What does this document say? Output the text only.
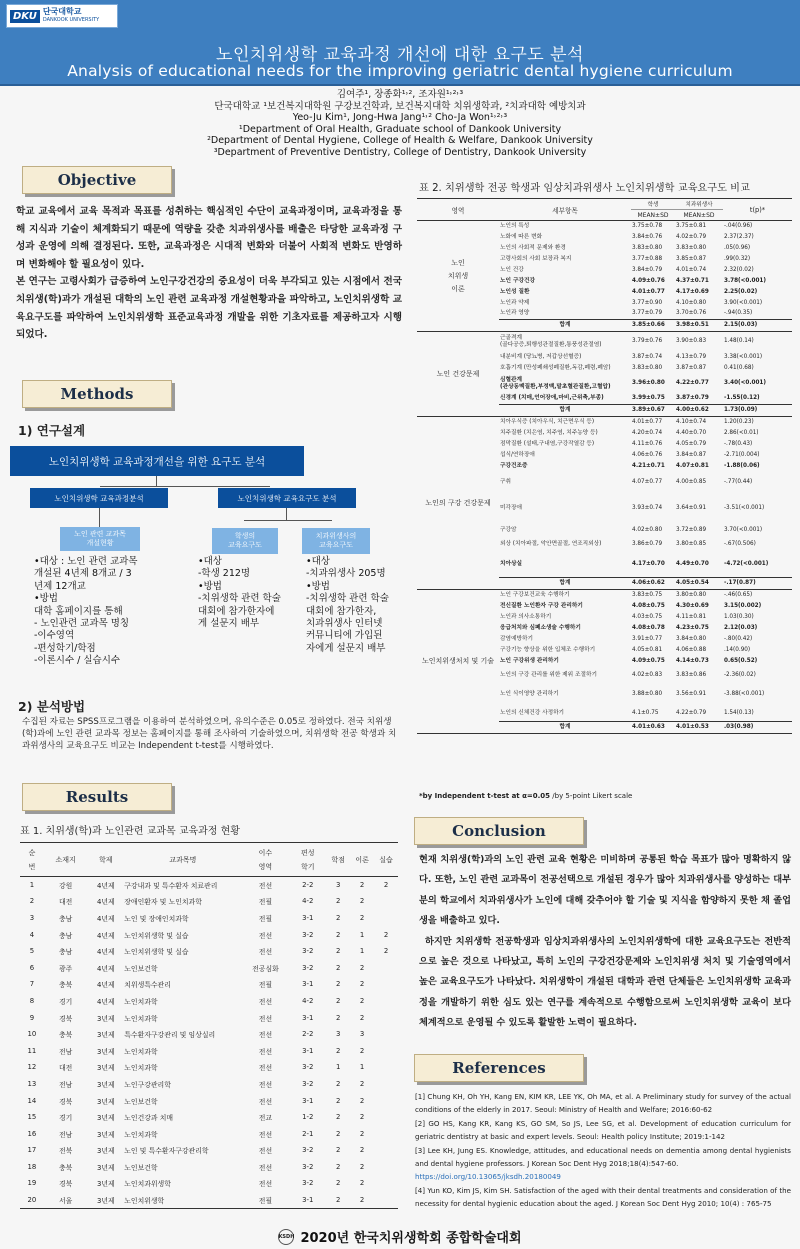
DKU 단국대학교
DANKOOK UNIVERSITY
노인치위생학 교육과정 개선에 대한 요구도 분석
Analysis of educational needs for the improving geriatric dental hygiene curriculum
김여주¹, 장종화¹˒², 조자원¹˒²˒³
단국대학교 ¹보건복지대학원 구강보건학과, 보건복지대학 치위생학과, ²치과대학 예방치과
Yeo-Ju Kim¹, Jong-Hwa Jang¹˒² Cho-Ja Won¹˒²˒³
¹Department of Oral Health, Graduate school of Dankook University
²Department of Dental Hygiene, College of Health & Welfare, Dankook University
³Department of Preventive Dentistry, College of Dentistry, Dankook University
Objective

학교 교육에서 교육 목적과 목표를 성취하는 핵심적인 수단이 교육과정이며, 교육과정을 통해 지식과 기술이 체계화되기 때문에 역량을 갖춘 치과위생사를 배출은 타당한 교육과정 구성과 운영에 의해 결정된다. 또한, 교육과정은 시대적 변화와 더불어 사회적 변화도 반영하며 변화해야 할 필요성이 있다.

본 연구는 고령사회가 급증하여 노인구강건강의 중요성이 더욱 부각되고 있는 시점에서 전국 치위생(학)과가 개설된 대학의 노인 관련 교육과정 개설현황과을 파악하고, 노인치위생학 교육요구도를 파악하여 노인치위생학 표준교육과정 개발을 위한 기초자료를 제공하고자 시행되었다.

Methods
1) 연구설계
노인치위생학 교육과정개선을 위한 요구도 분석
노인치위생학 교육과정분석	노인치위생학 교육요구도 분석
노인 관련 교과목
개설현황
학생의
교육요구도
치과위생사의
교육요구도
•대상 : 노인 관련 교과목
개설된 4년제 8개교 / 3
년제 12개교
•방법
대학 홈페이지를 통해
- 노인관련 교과목 명칭
-이수영역
-편성학기/학점
-이론시수 / 실습시수
•대상
-학생 212명
•방법
-치위생학 관련 학술
대회에 참가한자에
게 설문지 배부
•대상
-치과위생사 205명
•방법
-치위생학 관련 학술
대회에 참가한자,
치과위생사 인터넷
커뮤니티에 가입된
자에게 설문지 배부
2) 분석방법
수집된 자료는 SPSS프로그램을 이용하여 분석하였으며, 유의수준은 0.05로 정하였다. 전국 치위생(학)과에 노인 관련 교과목 정보는 홈페이지를 통해 조사하여 기술하였으며, 치위생학 전공 학생과 치과위생사의 교육요구도 비교는 Independent t-test를 시행하였다.
Results
표 1. 치위생(학)과 노인관련 교과목 교육과정 현황
순
번	소재지	학제	교과목명	이수
영역	편성
학기	학점	이론	실습
1	강원	4년제	구강내과 및 특수환자 치료관리	전선	2-2	3	2	2
2	대전	4년제	장애인환자 및 노인치과학	전필	4-2	2	2	
3	충남	4년제	노인 및 장애인치과학	전필	3-1	2	2	
4	충남	4년제	노인치위생학 및 실습	전선	3-2	2	1	2
5	충남	4년제	노인치위생학 및 실습	전선	3-2	2	1	2
6	광주	4년제	노인보건학	전공심화	3-2	2	2	
7	충북	4년제	치위생특수관리	전필	3-1	2	2	
8	경기	4년제	노인치과학	전선	4-2	2	2	
9	경북	3년제	노인치과학	전선	3-1	2	2	
10	충북	3년제	특수환자구강관리 및 임상실리	전선	2-2	3	3	
11	전남	3년제	노인치과학	전선	3-1	2	2	
12	대전	3년제	노인치과학	전선	3-2	1	1	
13	전남	3년제	노인구강관리학	전선	3-2	2	2	
14	경북	3년제	노인보건학	전선	3-1	2	2	
15	경기	3년제	노인건강과 치매	전교	1-2	2	2	
16	전남	3년제	노인치과학	전선	2-1	2	2	
17	전북	3년제	노인 및 특수환자구강관리학	전선	3-2	2	2	
18	충북	3년제	노인보건학	전선	3-2	2	2	
19	경북	3년제	노인치과위생학	전선	3-2	2	2	
20	서울	3년제	노인치위생학	전필	3-1	2	2	
표 2. 치위생학 전공 학생과 임상치과위생사 노인치위생학 교육요구도 비교
영역	세부항목	학생	치과위생사	t(p)*
		MEAN±SD	MEAN±SD	
노인
치위생
이론	노인의 특성	3.75±0.78	3.75±0.81	-.04(0.96)
	노화에 따른 변화	3.84±0.76	4.02±0.79	2.37(2.37)
	노인의 사회적 문제와 환경	3.83±0.80	3.83±0.80	.05(0.96)
	고령사회의 사회 보장과 복지	3.77±0.88	3.85±0.87	.99(0.32)
	노인 건강	3.84±0.79	4.01±0.74	2.32(0.02)
	노인 구강건강	4.09±0.76	4.37±0.71	3.78(<0.001)
	노인성 질환	4.01±0.77	4.17±0.69	2.25(0.02)
	노인과 약제	3.77±0.90	4.10±0.80	3.90(<0.001)
	노인과 영양	3.77±0.79	3.70±0.76	-.94(0.35)
	합계	3.85±0.66	3.98±0.51	2.15(0.03)
노인 건강문제	근골격계
(골다공증,퇴행성관절질환,통풍성관절염)	3.79±0.76	3.90±0.83	1.48(0.14)
	내분비계 (당뇨병, 저갑상선혈증)	3.87±0.74	4.13±0.79	3.38(<0.001)
	호흡기계 (만성폐쇄성폐질환,독감,폐렴,폐암)	3.83±0.80	3.87±0.87	0.41(0.68)
	심혈관계
(관상동맥질환,부정맥,말초혈관질환,고혈압)	3.96±0.80	4.22±0.77	3.40(<0.001)
	신경계 (치매,언어장애,마비,근위축,부종)	3.99±0.75	3.87±0.79	-1.55(0.12)
	합계	3.89±0.67	4.00±0.62	1.73(0.09)
노인의 구강 건강문제	치아우식증 (치아우식, 치근면우식 등)	4.01±0.77	4.10±0.74	1.20(0.23)
	치주질환 (치은염, 치주염, 치주농양 등)	4.20±0.74	4.40±0.70	2.86(<0.01)
	점막질환 (설태,구내염,구강작열감 등)	4.11±0.76	4.05±0.79	-.78(0.43)
	섭식/연하장애	4.06±0.76	3.84±0.87	-2.71(0.004)
	구강건조증	4.21±0.71	4.07±0.81	-1.88(0.06)
	구취	4.07±0.77	4.00±0.85	-.77(0.44)
	미각장애	3.93±0.74	3.64±0.91	-3.51(<0.001)
	구강암	4.02±0.80	3.72±0.89	3.70(<0.001)
	외상 (치아파절, 악안면골절, 연조직외상)	3.86±0.79	3.80±0.85	-.67(0.506)
	치아상실	4.17±0.70	4.49±0.70	-4.72(<0.001)
	합계	4.06±0.62	4.05±0.54	-.17(0.87)
노인치위생처치 및 기술	노인 구강보건교육 수행하기	3.83±0.75	3.80±0.80	-.46(0.65)
	전신질환 노인환자 구강 관리하기	4.08±0.75	4.30±0.69	3.15(0.002)
	노인과 의사소통하기	4.03±0.75	4.11±0.81	1.03(0.30)
	응급처치와 심폐소생술 수행하기	4.08±0.78	4.23±0.75	2.12(0.03)
	감염예방하기	3.91±0.77	3.84±0.80	-.80(0.42)
	구강기능 향상을 위한 입체조 수행하기	4.05±0.81	4.06±0.88	.14(0.90)
	노인 구강위생 관리하기	4.09±0.75	4.14±0.73	0.65(0.52)
	노인의 구강 관리를 위한 제위 조절하기	4.02±0.83	3.83±0.86	-2.36(0.02)
	노인 식이영양 관리하기	3.88±0.80	3.56±0.91	-3.88(<0.001)
	노인의 신체건강 사정하기	4.1±0.75	4.22±0.79	1.54(0.13)
	합계	4.01±0.63	4.01±0.53	.03(0.98)
*by Independent t-test at α=0.05 /by 5-point Likert scale
Conclusion

현재 치위생(학)과의 노인 관련 교육 현황은 미비하며 공통된 학습 목표가 많아 명확하지 않다. 또한, 노인 관련 교과목이 전공선택으로 개설된 경우가 많아 치과위생사를 양성하는 대부분의 학교에서 치과위생사가 노인에 대해 갖추어야 할 기술 및 지식을 함양하지 못한 채 졸업생을 배출하고 있다.

하지만 치위생학 전공학생과 임상치과위생사의 노인치위생학에 대한 교육요구도는 전반적으로 높은 것으로 나타났고, 특히 노인의 구강건강문제와 노인치위생 처치 및 기술영역에서 높은 교육요구도가 나타났다. 치위생학이 개설된 대학과 관련 단체들은 노인치위생학 교육과정을 개발하기 위한 심도 있는 연구를 계속적으로 수행함으로써 노인치위생학 교육이 보다 체계적으로 운영될 수 있도록 활발한 노력이 필요하다.

References

[1] Chung KH, Oh YH, Kang EN, KIM KR, LEE YK, Oh MA, et al. A Preliminary study for survey of the actual conditions of the elderly in 2017. Seoul: Ministry of Health and Welfare; 2016:60-62

[2] GO HS, Kang KR, Kang KS, GO SM, So JS, Lee SG, et al. Development of education curriculum for geriatric dentistry at basic and expert levels. Seoul: Health policy Institute; 2019:1-142

[3] Lee KH, Jung ES. Knowledge, attitudes, and educational needs on dementia among dental hygienists and dental hygiene professors. J Korean Soc Dent Hyg 2018;18(4):547-60.

https://doi.org/10.13065/jksdh.20180049

[4] Yun KO, Kim JS, Kim SH. Satisfaction of the aged with their dental treatments and consideration of the necessity for dental hygienic education about the aged. J Korean Soc Dent Hyg 2010; 10(4) : 765-75

KSDH 2020년 한국치위생학회 종합학술대회
